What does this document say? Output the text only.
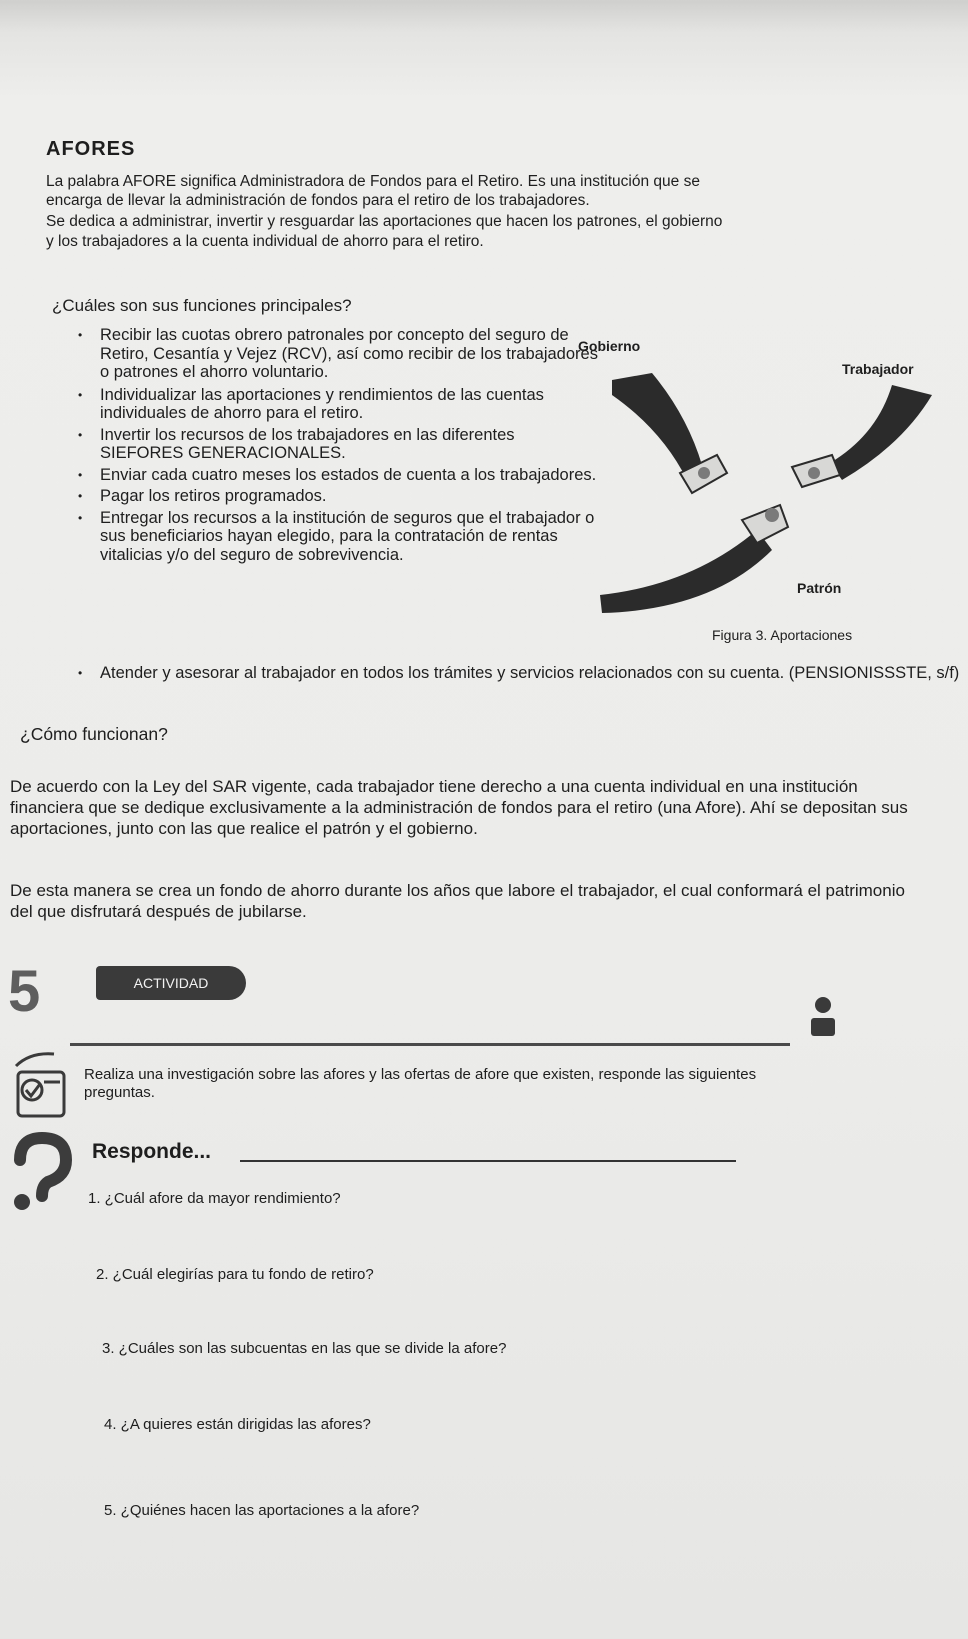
AFORES
La palabra AFORE significa Administradora de Fondos para el Retiro. Es una institución que se
encarga de llevar la administración de fondos para el retiro de los trabajadores.
Se dedica a administrar, invertir y resguardar las aportaciones que hacen los patrones, el gobierno
y los trabajadores a la cuenta individual de ahorro para el retiro.
¿Cuáles son sus funciones principales?
• Recibir las cuotas obrero patronales por concepto del seguro de Retiro, Cesantía y Vejez (RCV), así como recibir de los trabajadores o patrones el ahorro voluntario.
• Individualizar las aportaciones y rendimientos de las cuentas individuales de ahorro para el retiro.
• Invertir los recursos de los trabajadores en las diferentes SIEFORES GENERACIONALES.
• Enviar cada cuatro meses los estados de cuenta a los trabajadores.
• Pagar los retiros programados.
• Entregar los recursos a la institución de seguros que el trabajador o sus beneficiarios hayan elegido, para la contratación de rentas vitalicias y/o del seguro de sobrevivencia.
• Atender y asesorar al trabajador en todos los trámites y servicios relacionados con su cuenta. (PENSIONISSSTE, s/f)
Gobierno
Trabajador
Patrón
Figura 3. Aportaciones
¿Cómo funcionan?
De acuerdo con la Ley del SAR vigente, cada trabajador tiene derecho a una cuenta individual en una institución financiera que se dedique exclusivamente a la administración de fondos para el retiro (una Afore). Ahí se depositan sus aportaciones, junto con las que realice el patrón y el gobierno.
De esta manera se crea un fondo de ahorro durante los años que labore el trabajador, el cual conformará el patrimonio del que disfrutará después de jubilarse.
5	ACTIVIDAD
Realiza una investigación sobre las afores y las ofertas de afore que existen, responde las siguientes preguntas.
Responde...
1. ¿Cuál afore da mayor rendimiento?
2. ¿Cuál elegirías para tu fondo de retiro?
3. ¿Cuáles son las subcuentas en las que se divide la afore?
4. ¿A quieres están dirigidas las afores?
5. ¿Quiénes hacen las aportaciones a la afore?
